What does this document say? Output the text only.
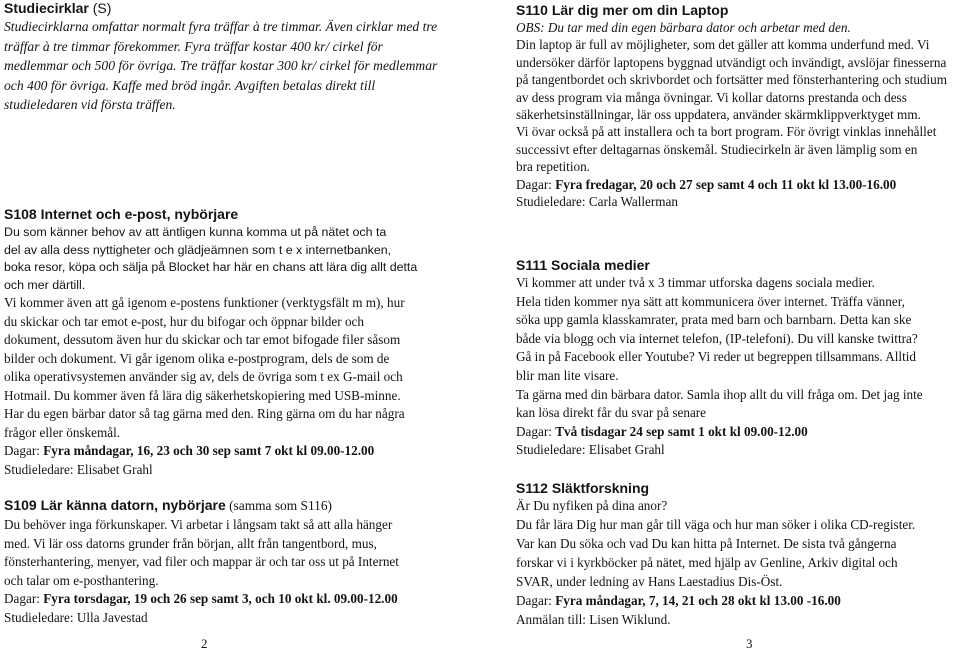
Studiecirklar (S)

Studiecirklarna omfattar normalt fyra träffar à tre timmar. Även cirklar med tre träffar à tre timmar förekommer. Fyra träffar kostar 400 kr/ cirkel för medlemmar och 500 för övriga. Tre träffar kostar 300 kr/ cirkel för medlemmar och 400 för övriga. Kaffe med bröd ingår. Avgiften betalas direkt till studieledaren vid första träffen.

S108 Internet och e-post, nybörjare
Du som känner behov av att äntligen kunna komma ut på nätet och ta
del av alla dess nyttigheter och glädjeämnen som t e x internetbanken,
boka resor, köpa och sälja på Blocket har här en chans att lära dig allt detta
och mer därtill.
Vi kommer även att gå igenom e-postens funktioner (verktygsfält m m), hur
du skickar och tar emot e-post, hur du bifogar och öppnar bilder och
dokument, dessutom även hur du skickar och tar emot bifogade filer såsom
bilder och dokument. Vi går igenom olika e-postprogram, dels de som de
olika operativsystemen använder sig av, dels de övriga som t ex G-mail och
Hotmail. Du kommer även få lära dig säkerhetskopiering med USB-minne.
Har du egen bärbar dator så tag gärna med den. Ring gärna om du har några
frågor eller önskemål.
Dagar: Fyra måndagar, 16, 23 och 30 sep samt 7 okt kl 09.00-12.00
Studieledare: Elisabet Grahl
S109 Lär känna datorn, nybörjare (samma som S116)
Du behöver inga förkunskaper. Vi arbetar i långsam takt så att alla hänger
med. Vi lär oss datorns grunder från början, allt från tangentbord, mus,
fönsterhantering, menyer, vad filer och mappar är och tar oss ut på Internet
och talar om e-posthantering.
Dagar: Fyra torsdagar, 19 och 26 sep samt 3, och 10 okt kl. 09.00-12.00
Studieledare: Ulla Javestad
2
S110 Lär dig mer om din Laptop
OBS: Du tar med din egen bärbara dator och arbetar med den.
Din laptop är full av möjligheter, som det gäller att komma underfund med. Vi
undersöker därför laptopens byggnad utvändigt och invändigt, avslöjar finesserna
på tangentbordet och skrivbordet och fortsätter med fönsterhantering och studium
av dess program via många övningar. Vi kollar datorns prestanda och dess
säkerhetsinställningar, lär oss uppdatera, använder skärmklippverktyget mm.
Vi övar också på att installera och ta bort program. För övrigt vinklas innehållet
successivt efter deltagarnas önskemål. Studiecirkeln är även lämplig som en
bra repetition.
Dagar: Fyra fredagar, 20 och 27 sep samt 4 och 11 okt kl 13.00-16.00
Studieledare: Carla Wallerman
S111 Sociala medier
Vi kommer att under två x 3 timmar utforska dagens sociala medier.
Hela tiden kommer nya sätt att kommunicera över internet. Träffa vänner,
söka upp gamla klasskamrater, prata med barn och barnbarn. Detta kan ske
både via blogg och via internet telefon, (IP-telefoni). Du vill kanske twittra?
Gå in på Facebook eller Youtube? Vi reder ut begreppen tillsammans. Alltid
blir man lite visare.
Ta gärna med din bärbara dator. Samla ihop allt du vill fråga om. Det jag inte
kan lösa direkt får du svar på senare
Dagar: Två tisdagar 24 sep samt 1 okt kl 09.00-12.00
Studieledare: Elisabet Grahl
S112 Släktforskning
Är Du nyfiken på dina anor?
Du får lära Dig hur man går till väga och hur man söker i olika CD-register.
Var kan Du söka och vad Du kan hitta på Internet. De sista två gångerna
forskar vi i kyrkböcker på nätet, med hjälp av Genline, Arkiv digital och
SVAR, under ledning av Hans Laestadius Dis-Öst.
Dagar: Fyra måndagar, 7, 14, 21 och 28 okt kl 13.00 -16.00
Anmälan till: Lisen Wiklund.
3
